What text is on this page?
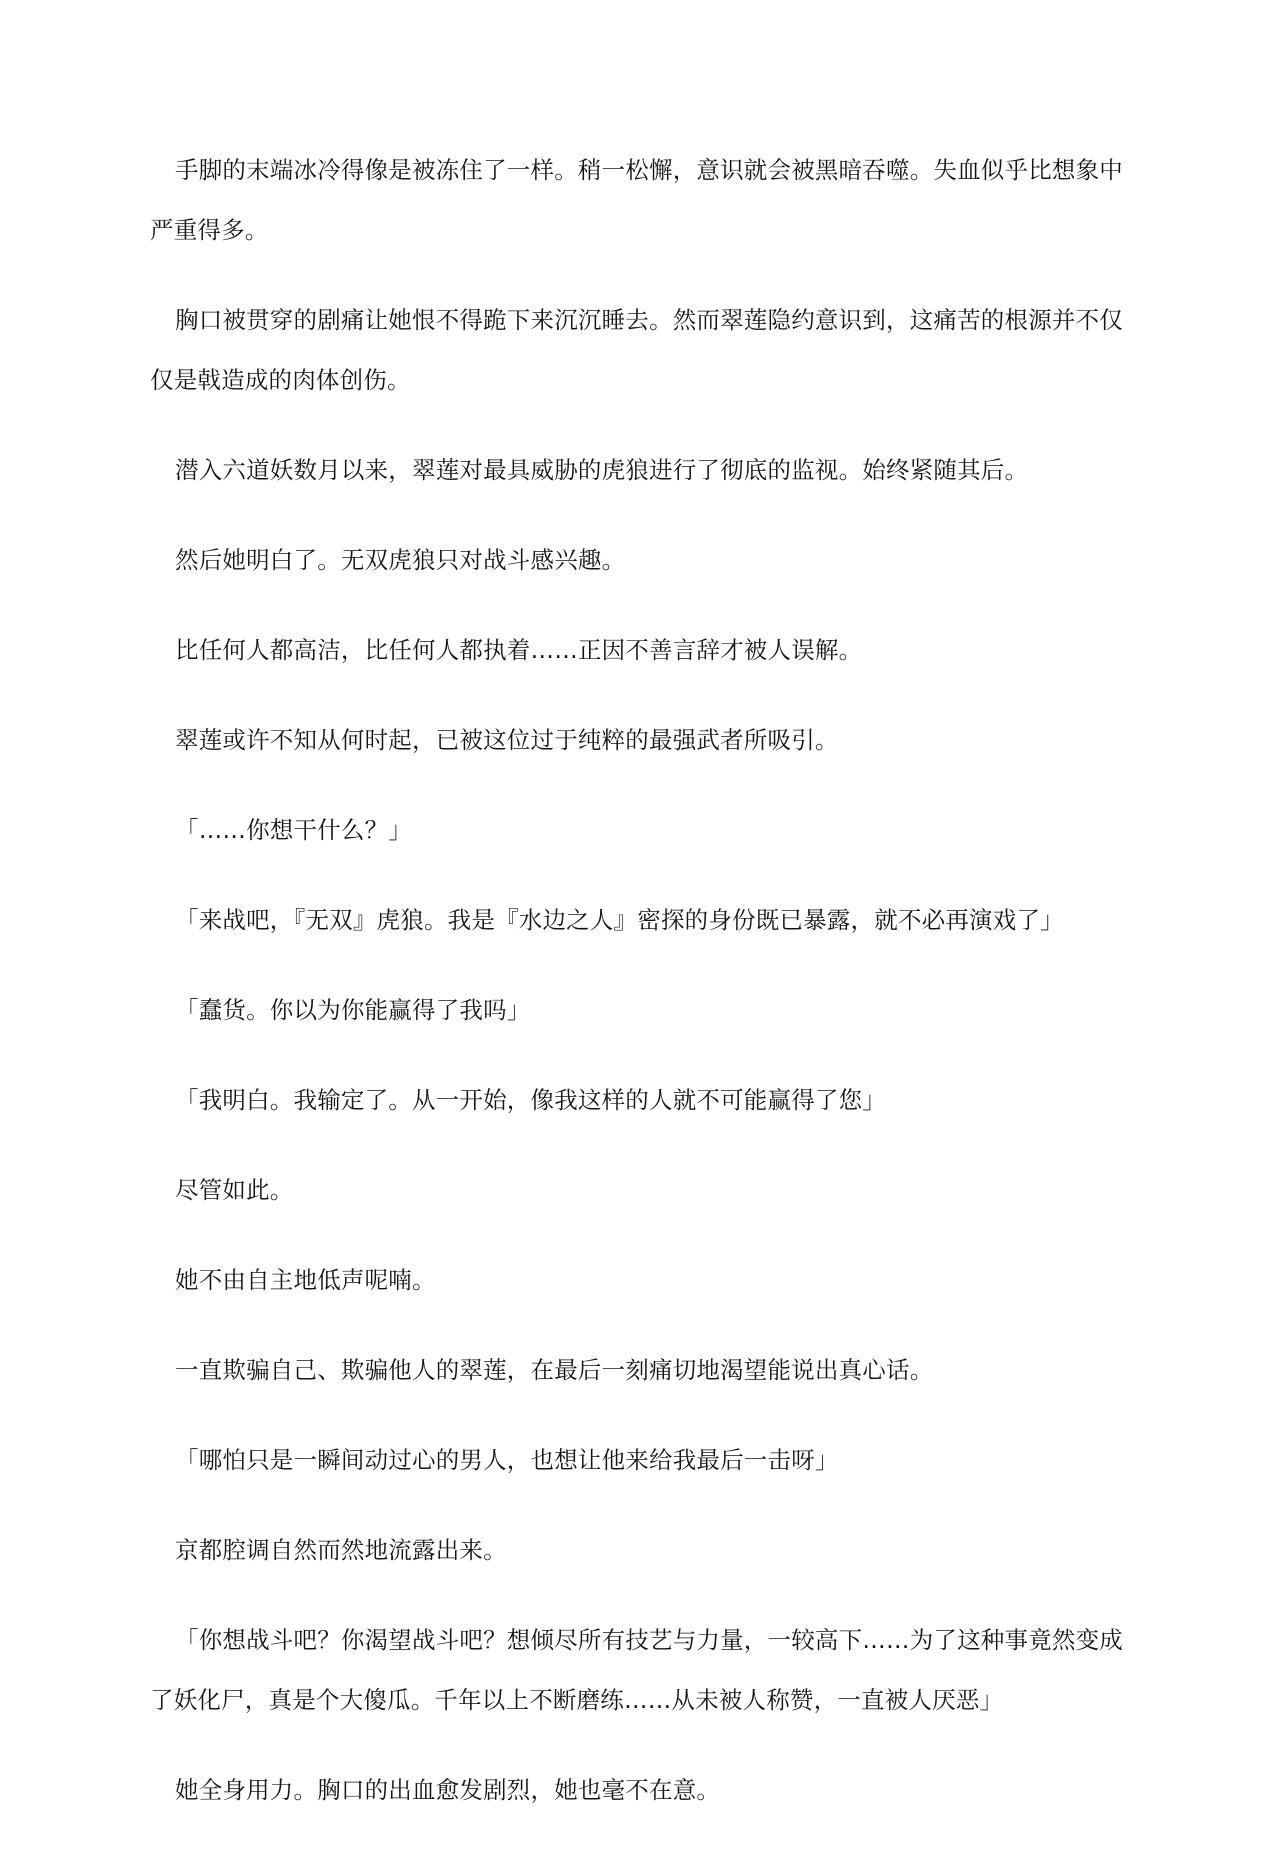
手脚的末端冰冷得像是被冻住了一样。稍一松懈，意识就会被黑暗吞噬。失血似乎比想象中严重得多。

胸口被贯穿的剧痛让她恨不得跪下来沉沉睡去。然而翠莲隐约意识到，这痛苦的根源并不仅仅是戟造成的肉体创伤。

潜入六道妖数月以来，翠莲对最具威胁的虎狼进行了彻底的监视。始终紧随其后。

然后她明白了。无双虎狼只对战斗感兴趣。

比任何人都高洁，比任何人都执着……正因不善言辞才被人误解。

翠莲或许不知从何时起，已被这位过于纯粹的最强武者所吸引。

「……你想干什么？」

「来战吧，『无双』虎狼。我是『水边之人』密探的身份既已暴露，就不必再演戏了」

「蠢货。你以为你能赢得了我吗」

「我明白。我输定了。从一开始，像我这样的人就不可能赢得了您」

尽管如此。

她不由自主地低声呢喃。

一直欺骗自己、欺骗他人的翠莲，在最后一刻痛切地渴望能说出真心话。

「哪怕只是一瞬间动过心的男人，也想让他来给我最后一击呀」

京都腔调自然而然地流露出来。

「你想战斗吧？你渴望战斗吧？想倾尽所有技艺与力量，一较高下……为了这种事竟然变成了妖化尸，真是个大傻瓜。千年以上不断磨练……从未被人称赞，一直被人厌恶」

她全身用力。胸口的出血愈发剧烈，她也毫不在意。
